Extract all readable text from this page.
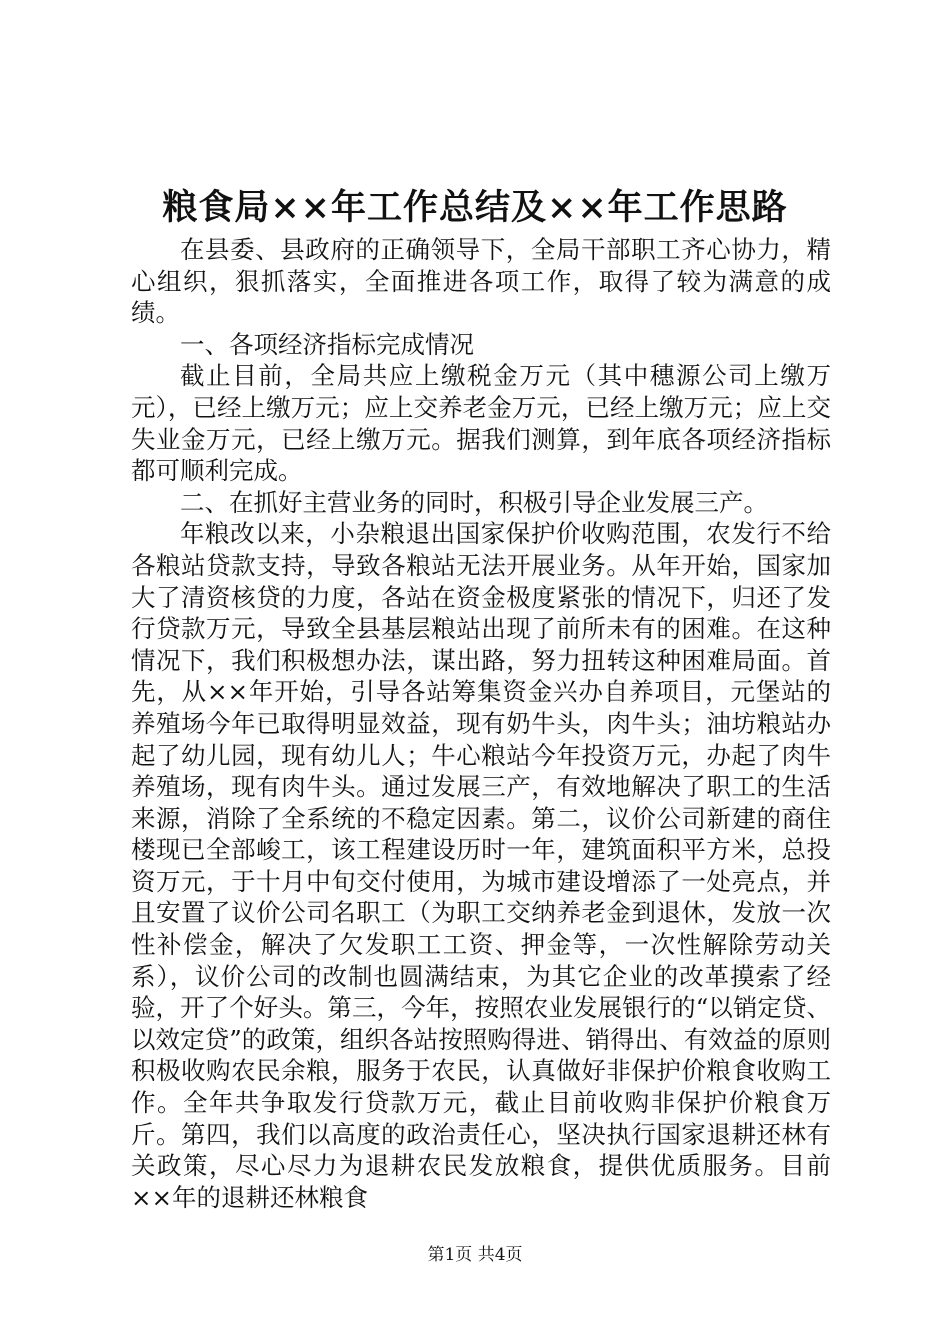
粮食局××年工作总结及××年工作思路

在县委、县政府的正确领导下，全局干部职工齐心协力，精心组织，狠抓落实，全面推进各项工作，取得了较为满意的成绩。

一、各项经济指标完成情况

截止目前，全局共应上缴税金万元（其中穗源公司上缴万元），已经上缴万元；应上交养老金万元，已经上缴万元；应上交失业金万元，已经上缴万元。据我们测算，到年底各项经济指标都可顺利完成。

二、在抓好主营业务的同时，积极引导企业发展三产。

年粮改以来，小杂粮退出国家保护价收购范围，农发行不给各粮站贷款支持，导致各粮站无法开展业务。从年开始，国家加大了清资核贷的力度，各站在资金极度紧张的情况下，归还了发行贷款万元，导致全县基层粮站出现了前所未有的困难。在这种情况下，我们积极想办法，谋出路，努力扭转这种困难局面。首先，从××年开始，引导各站筹集资金兴办自养项目，元堡站的养殖场今年已取得明显效益，现有奶牛头，肉牛头；油坊粮站办起了幼儿园，现有幼儿人；牛心粮站今年投资万元，办起了肉牛养殖场，现有肉牛头。通过发展三产，有效地解决了职工的生活来源，消除了全系统的不稳定因素。第二，议价公司新建的商住楼现已全部峻工，该工程建设历时一年，建筑面积平方米，总投资万元，于十月中旬交付使用，为城市建设增添了一处亮点，并且安置了议价公司名职工（为职工交纳养老金到退休，发放一次性补偿金，解决了欠发职工工资、押金等，一次性解除劳动关系），议价公司的改制也圆满结束，为其它企业的改革摸索了经验，开了个好头。第三，今年，按照农业发展银行的“以销定贷、以效定贷”的政策，组织各站按照购得进、销得出、有效益的原则积极收购农民余粮，服务于农民，认真做好非保护价粮食收购工作。全年共争取发行贷款万元，截止目前收购非保护价粮食万斤。第四，我们以高度的政治责任心，坚决执行国家退耕还林有关政策，尽心尽力为退耕农民发放粮食，提供优质服务。目前××年的退耕还林粮食

第1页 共4页
